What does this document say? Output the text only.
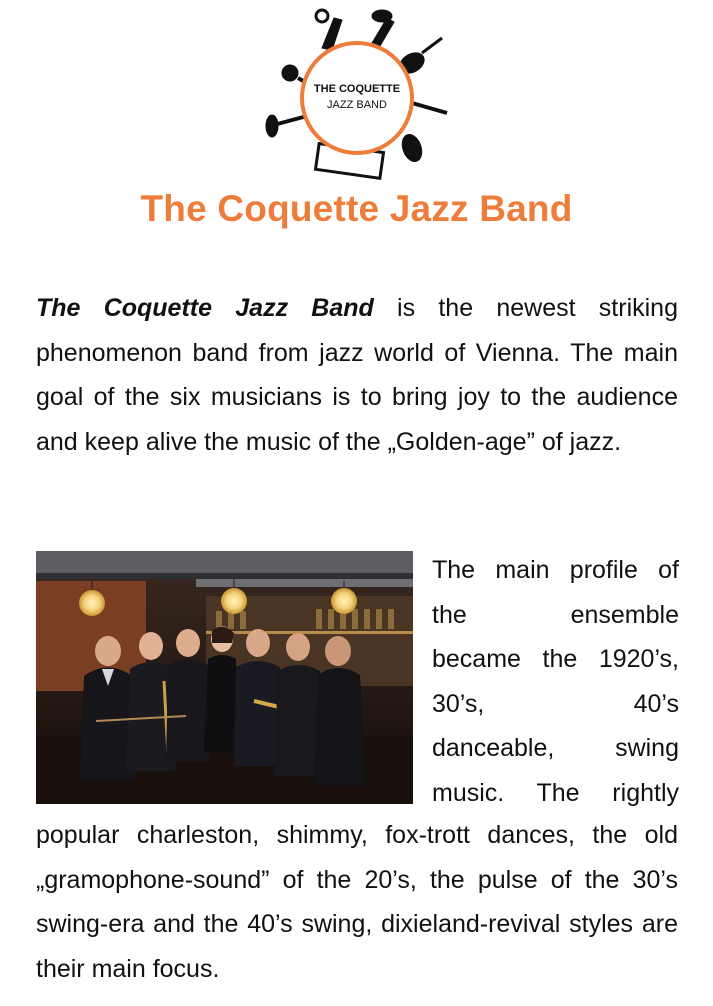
THE COQUETTE
JAZZ BAND
The Coquette Jazz Band
The Coquette Jazz Band is the newest striking phenomenon band from jazz world of Vienna. The main goal of the six musicians is to bring joy to the audience and keep alive the music of the „Golden-age” of jazz.
The main profile of
the	ensemble
became the 1920’s,
30’s,	40’s
danceable, swing
music. The rightly
popular charleston, shimmy, fox-trott dances, the old „gramophone-sound” of the 20’s, the pulse of the 30’s swing-era and the 40’s swing, dixieland-revival styles are their main focus.
